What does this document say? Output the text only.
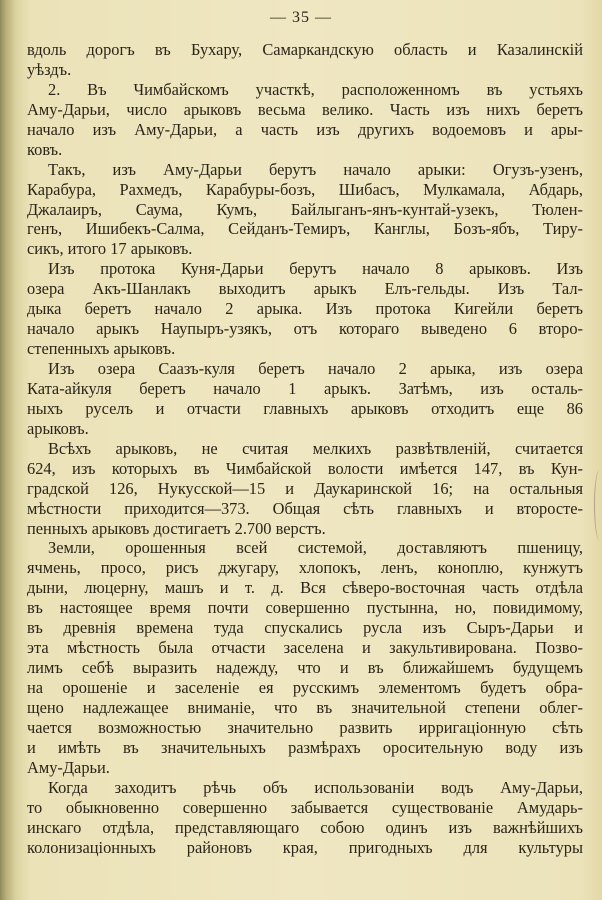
— 35 —
вдоль дорогъ въ Бухару, Самаркандскую область и Казалинскій
уѣздъ.
2. Въ Чимбайскомъ участкѣ, расположенномъ въ устьяхъ
Аму-Дарьи, число арыковъ весьма велико. Часть изъ нихъ беретъ
начало изъ Аму-Дарьи, а часть изъ другихъ водоемовъ и ары-
ковъ.
Такъ, изъ Аму-Дарьи берутъ начало арыки: Огузъ-узенъ,
Карабура, Рахмедъ, Карабуры-бозъ, Шибасъ, Мулкамала, Абдарь,
Джалаиръ, Саума, Кумъ, Байлыганъ-янъ-кунтай-узекъ, Тюлен-
генъ, Ишибекъ-Салма, Сейданъ-Темиръ, Канглы, Бозъ-ябъ, Тиру-
сикъ, итого 17 арыковъ.
Изъ протока Куня-Дарьи берутъ начало 8 арыковъ. Изъ
озера Акъ-Шанлакъ выходитъ арыкъ Елъ-гельды. Изъ Тал-
дыка беретъ начало 2 арыка. Изъ протока Кигейли беретъ
начало арыкъ Наупыръ-узякъ, отъ котораго выведено 6 второ-
степенныхъ арыковъ.
Изъ озера Саазъ-куля беретъ начало 2 арыка, изъ озера
Ката-айкуля беретъ начало 1 арыкъ. Затѣмъ, изъ осталь-
ныхъ руселъ и отчасти главныхъ арыковъ отходитъ еще 86
арыковъ.
Всѣхъ арыковъ, не считая мелкихъ развѣтвленій, считается
624, изъ которыхъ въ Чимбайской волости имѣется 147, въ Кун-
градской 126, Нукусской—15 и Даукаринской 16; на остальныя
мѣстности приходится—373. Общая сѣть главныхъ и второсте-
пенныхъ арыковъ достигаетъ 2.700 верстъ.
Земли, орошенныя всей системой, доставляютъ пшеницу,
ячмень, просо, рисъ джугару, хлопокъ, ленъ, коноплю, кунжутъ
дыни, люцерну, машъ и т. д. Вся сѣверо-восточная часть отдѣла
въ настоящее время почти совершенно пустынна, но, повидимому,
въ древнія времена туда спускались русла изъ Сыръ-Дарьи и
эта мѣстность была отчасти заселена и закультивирована. Позво-
лимъ себѣ выразить надежду, что и въ ближайшемъ будущемъ
на орошеніе и заселеніе ея русскимъ элементомъ будетъ обра-
щено надлежащее вниманіе, что въ значительной степени облег-
чается возможностью значительно развить ирригаціонную сѣть
и имѣть въ значительныхъ размѣрахъ оросительную воду изъ
Аму-Дарьи.
Когда заходитъ рѣчь объ использованіи водъ Аму-Дарьи,
то обыкновенно совершенно забывается существованіе Амударь-
инскаго отдѣла, представляющаго собою одинъ изъ важнѣйшихъ
колонизаціонныхъ районовъ края, пригодныхъ для культуры
